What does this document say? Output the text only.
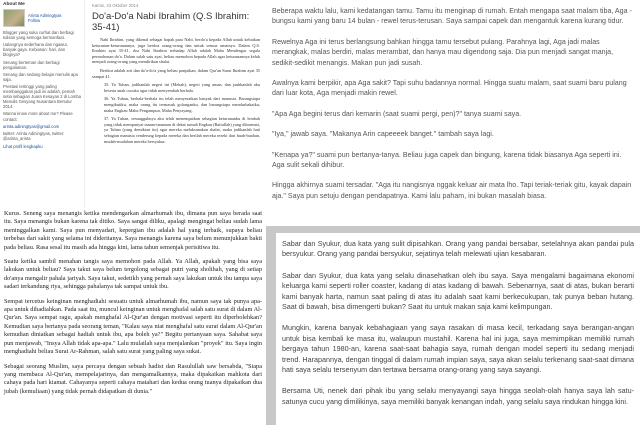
About Me
Arinta Adiningtyas
Follow

Blogger yang suka curhat dan berbagi tulisan yang semoga bermanfaat.

Ualangnya sederhana dan ngawur, banyak gaya. Kebiasan: hari, dan blognya?

Senang berteman dan berbagi pengalaman.

Senang dan sedang belajar menulis apa saja.

Prestasi tertinggi yang paling membanggakan jadi ini adalah, pemah setia sebagian Juara Kesayan 2 di Lomba Menulis Gesyang Nusantara Bertutur 2014.

Wanna know more about me? Please contact:

arinta.adiningtyas@gmail.com

twitter: Arinta Adiningtyas, twitter: @arinta_arinta

Lihat profil lengkapku

Kamis, 23 Oktober 2014
Do'a-Do'a Nabi Ibrahim (Q.S Ibrahim: 35-41)

Nabi Ibrahim, yang dikenal sebagai bapak para Nabi, berdo'a kepada Allah untuk kebaikan keturunan-keturunannya, juga berdoa orang-orang dan untuk semua umatnya. Dalam Q.S. Ibrahim ayat 35-41, doa Nabi Ibrahim terhadap Allah adalah Maha Mendengar segala permohonan do'a. Dalam salah satu ayat, beliau memohon kepada Allah agar keturunannya kelak menjadi orang-orang yang mendirikan shalat.

Berikut adalah arti dan do'a-do'a yang beliau panjatkan, dalam Qur'an Surat Ibrahim ayat 35 sampai 41.

35. Ya Tuhan, jadikanlah negeri ini (Mekah), negeri yang aman, dan jauhkanlah aku beserta anak cucuku agar tidak menyembah berhala.

36. Ya Tuhan, berhala-berhala itu telah menyesatkan banyak dari manusia. Barangsiapa mengikutiku, maka orang itu termasuk golonganku, dan barangsiapa mendurhakaiku, maka Engkau Maha Pengampun, Maha Penyayang.

37. Ya Tuhan, sesungguhnya aku telah menempatkan sebagian keturunanku di lembah yang tidak mempunyai tanam-tanaman di dekat rumah Engkau (Baitullah) yang dihormati, ya Tuhan (yang demikian itu) agar mereka melaksanakan shalat, maka jadikanlah hati sebagian manusia cenderung kepada mereka dan berilah mereka rezeki dari buah-buahan, mudah-mudahan mereka bersyukur.

Kurus. Seneng saya menangis ketika mendengarkan almarhumah ibu, dimana pun saya berada saat itu. Saya menangis bukan karena tak ditiko. Saya sangat diliku, apalagi mengingat beliau sudah lama meninggalkan kami. Saya pun menyadari, kepergian ibu adalah hal yang terbaik, supaya beliau terbebas dari sakit yang selama ini dideritanya. Saya menangis karena saya belum menunjukkan bakti pada beliau. Rasa sesal itu masih ada hingga kini, lama tahun semenjak perisitiwa itu.

Suatu ketika sambil menahan tangis saya memohon pada Allah. Ya Allah, apakah yang bisa saya lakukan untuk beliau? Saya takut saya belum tergolong sebagai putri yang sholihah, yang di setiap do'anya mengalir pahala jariyah. Saya takut, sedetikh yang pernah saya lakukan untuk ibu tampa saya sadari terkandung riya, sehingga pahalanya tak sampai untuk ibu.

Sempat tercetus keinginan menghadiahi sesuatu untuk almarhumah ibu, namun saya tak punya apa-apa untuk dihadiahkan. Pada saat itu, muncul keinginan untuk menghafal salah satu surat di dalam Al-Qur'an. Saya sempat ragu, apakah menghafal Al-Qur'an dengan motivasi seperti itu diperbolehkan? Kemudian saya bertanya pada seorang teman, "Kalau saya niat menghafal satu surat dalam Al-Qur'an kemudian diniatkan sebagai hadiah untuk ibu, apa boleh ya?" Begitu pertanyaan saya. Sahabat saya pun menjawab, "Insya Allah tidak apa-apa." Lalu mulailah saya menjalankan "proyek" itu. Saya ingin menghadiahi beliau Surat Ar-Rahman, salah satu surat yang paling saya sukai.

Sebagai seorang Muslim, saya percaya dengan sebuah hadist dan Rasulullah saw bersabda, "Siapa yang membaca Al-Qur'an, mempelajarinya, dan mengamalkannya, maka dipakaikan mahkota dari cahaya pada hari kiamat. Cahayanya seperti cahaya matahari dan kedua orang tuanya dipakaikan dua jubah (kemuliaan) yang tidak pernah didapatkan di dunia."

Beberapa waktu lalu, kami kedatangan tamu. Tamu itu menginap di rumah. Entah mengapa saat malam tiba, Aga - bungsu kami yang baru 14 bulan - rewel terus-terusan. Saya sampai capek dan mengantuk karena kurang tidur.

Rewelnya Aga ini terus berlangsung bahkan hingga tamu tersebut pulang. Parahnya lagi, Aga jadi malas merangkak, malas berdiri, malas merambat, dan hanya mau digendong saja. Dia pun menjadi sangat manja, sedikit-sedikit menangis. Makan pun jadi susah.

Awalnya kami berpikir, apa Aga sakit? Tapi suhu badannya normal. Hingga suatu malam, saat suami baru pulang dari luar kota, Aga menjadi makin rewel.

"Apa Aga begini terus dari kemarin (saat suami pergi, pen)?" tanya suami saya.

"Iya," jawab saya. "Makanya Arin capeeeek banget." tambah saya lagi.

"Kenapa ya?" suami pun bertanya-tanya. Beliau juga capek dan bingung, karena tidak biasanya Aga seperti ini. Aga sulit sekali dihibur.

Hingga akhirnya suami tersadar. "Aga itu nangisnya nggak keluar air mata lho. Tapi teriak-teriak gitu, kayak dapain aja." Saya pun setuju dengan pendapatnya. Kami lalu paham, ini bukan masalah biasa.

Sabar dan Syukur, dua kata yang sulit dipisahkan. Orang yang pandai bersabar, setelahnya akan pandai pula bersyukur. Orang yang pandai bersyukur, sejatinya telah melewati ujian kesabaran.

Sabar dan Syukur, dua kata yang selalu dinasehatkan oleh ibu saya. Saya mengalami bagaimana ekonomi keluarga kami seperti roller coaster, kadang di atas kadang di bawah. Sebenarnya, saat di atas, bukan berarti kami banyak harta, namun saat paling di atas itu adalah saat kami berkecukupan, tak punya beban hutang. Saat di bawah, bisa dimengerti bukan? Saat itu untuk makan saja kami kelimpungan.

Mungkin, karena banyak kebahagiaan yang saya rasakan di masa kecil, terkadang saya berangan-angan untuk bisa kembali ke masa itu, walaupun mustahil. Karena hal ini juga, saya memimpikan memiliki rumah bergaya tahun 1980-an, karena saat-saat bahagia saya, rumah dengan model seperti itu sedang menjadi trend. Harapannya, dengan tinggal di dalam rumah impian saya, saya akan selalu terkenang saat-saat dimana hati saya selalu tersenyum dan tertawa bersama orang-orang yang saya sayangi.

Bersama Uti, nenek dari pihak ibu yang selalu menyayangi saya hingga seolah-olah hanya saya lah satu-satunya cucu yang dimilikinya, saya memiliki banyak kenangan indah, yang selalu saya rindukan hingga kini.
